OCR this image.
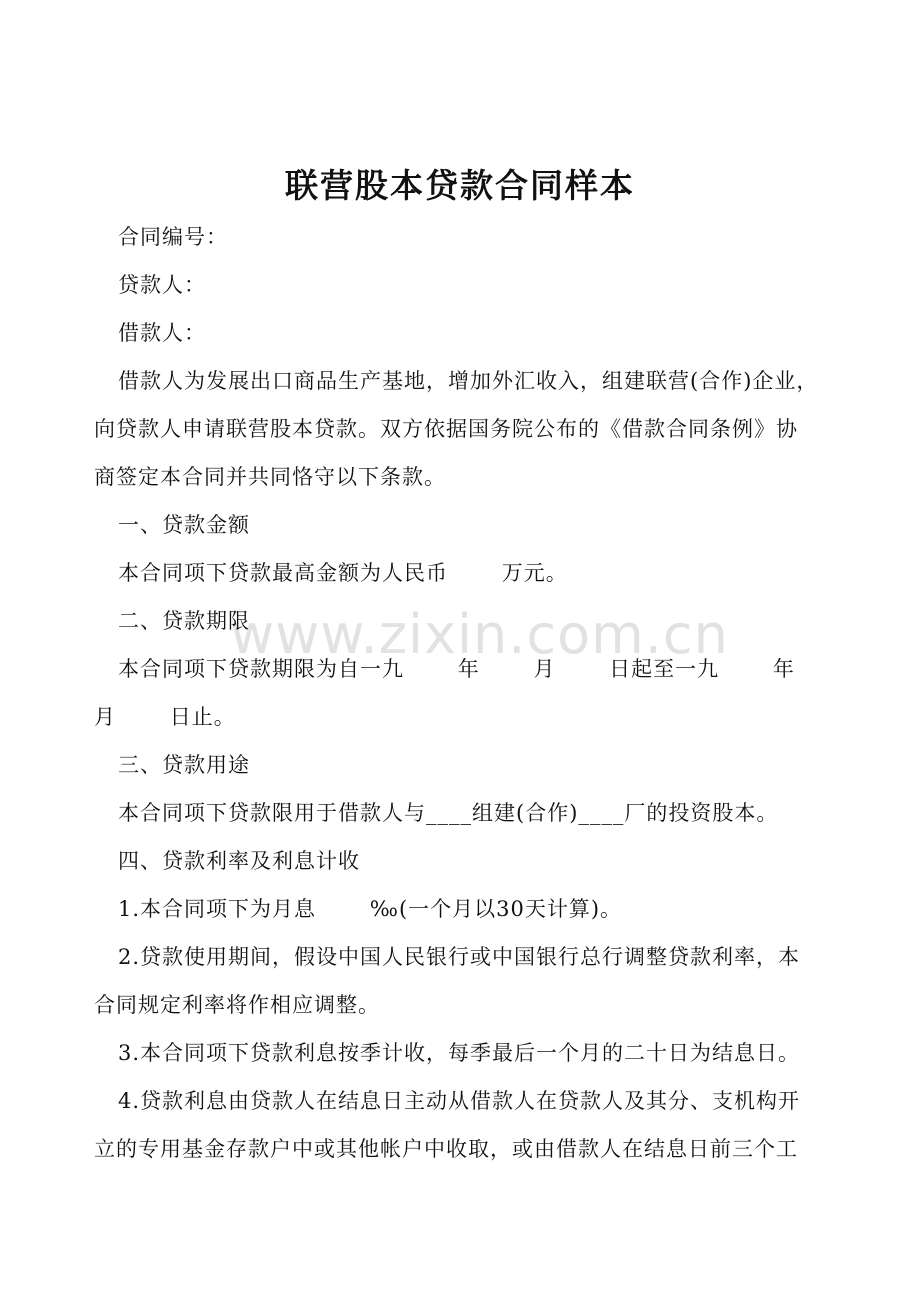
www.zixin.com.cn
联营股本贷款合同样本
合同编号：
贷款人：
借款人：
借款人为发展出口商品生产基地，增加外汇收入，组建联营(合作)企业，
向贷款人申请联营股本贷款。双方依据国务院公布的《借款合同条例》协
商签定本合同并共同恪守以下条款。
一、贷款金额
本合同项下贷款最高金额为人民币       万元。
二、贷款期限
本合同项下贷款期限为自一九       年       月       日起至一九       年
月       日止。
三、贷款用途
本合同项下贷款限用于借款人与____组建(合作)____厂的投资股本。
四、贷款利率及利息计收
1.本合同项下为月息       ‰(一个月以30天计算)。
2.贷款使用期间，假设中国人民银行或中国银行总行调整贷款利率，本
合同规定利率将作相应调整。
3.本合同项下贷款利息按季计收，每季最后一个月的二十日为结息日。
4.贷款利息由贷款人在结息日主动从借款人在贷款人及其分、支机构开
立的专用基金存款户中或其他帐户中收取，或由借款人在结息日前三个工
